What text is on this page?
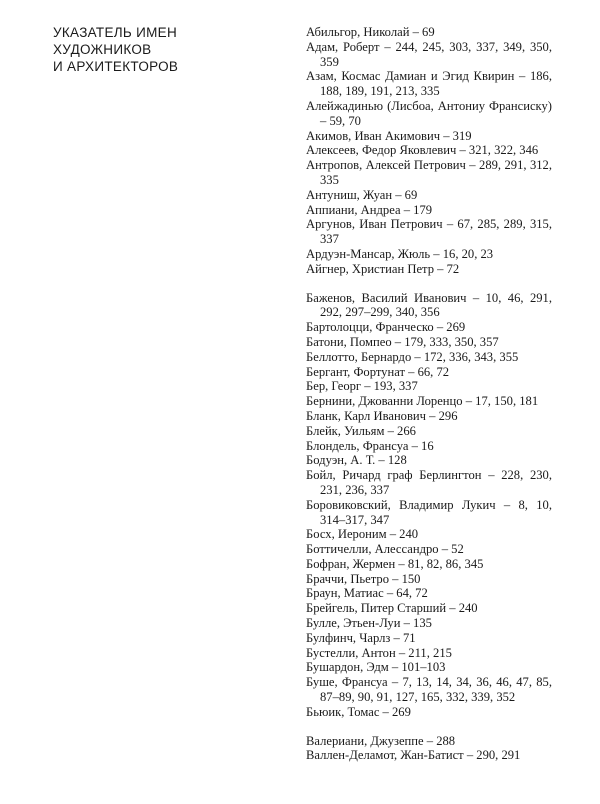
УКАЗАТЕЛЬ ИМЕН
ХУДОЖНИКОВ
И АРХИТЕКТОРОВ
Абильгор, Николай – 69
Адам, Роберт – 244, 245, 303, 337, 349, 350, 359
Азам, Космас Дамиан и Эгид Квирин – 186, 188, 189, 191, 213, 335
Алейжадинью (Лисбоа, Антониу Франсиску) – 59, 70
Акимов, Иван Акимович – 319
Алексеев, Федор Яковлевич – 321, 322, 346
Антропов, Алексей Петрович – 289, 291, 312, 335
Антуниш, Жуан – 69
Аппиани, Андреа – 179
Аргунов, Иван Петрович – 67, 285, 289, 315, 337
Ардуэн-Мансар, Жюль – 16, 20, 23
Айгнер, Христиан Петр – 72
Баженов, Василий Иванович – 10, 46, 291, 292, 297–299, 340, 356
Бартолоцци, Франческо – 269
Батони, Помпео – 179, 333, 350, 357
Беллотто, Бернардо – 172, 336, 343, 355
Бергант, Фортунат – 66, 72
Бер, Георг – 193, 337
Бернини, Джованни Лоренцо – 17, 150, 181
Бланк, Карл Иванович – 296
Блейк, Уильям – 266
Блондель, Франсуа – 16
Бодуэн, А. Т. – 128
Бойл, Ричард граф Берлингтон – 228, 230, 231, 236, 337
Боровиковский, Владимир Лукич – 8, 10, 314–317, 347
Босх, Иероним – 240
Боттичелли, Алессандро – 52
Бофран, Жермен – 81, 82, 86, 345
Браччи, Пьетро – 150
Браун, Матиас – 64, 72
Брейгель, Питер Старший – 240
Булле, Этьен-Луи – 135
Булфинч, Чарлз – 71
Бустелли, Антон – 211, 215
Бушардон, Эдм – 101–103
Буше, Франсуа – 7, 13, 14, 34, 36, 46, 47, 85, 87–89, 90, 91, 127, 165, 332, 339, 352
Бьюик, Томас – 269
Валериани, Джузеппе – 288
Валлен-Деламот, Жан-Батист – 290, 291
